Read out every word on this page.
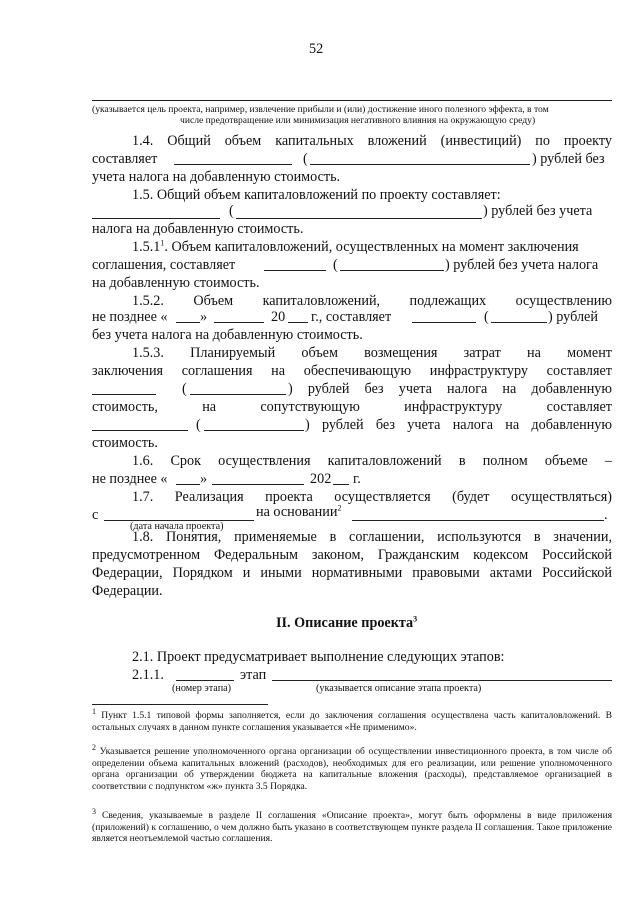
52
(указывается цель проекта, например, извлечение прибыли и (или) достижение иного полезного эффекта, в том
числе предотвращение или минимизация негативного влияния на окружающую среду)
1.4. Общий объем капитальных вложений (инвестиций) по проекту
составляет	(	) рублей без
учета налога на добавленную стоимость.
1.5. Общий объем капиталовложений по проекту составляет:
(	) рублей без учета
налога на добавленную стоимость.
1.5.1$^1$. Объем капиталовложений, осуществленных на момент заключения
соглашения, составляет	(	) рублей без учета налога
на добавленную стоимость.
1.5.2. Объем капиталовложений, подлежащих осуществлению
не позднее « »	20 г., составляет	(	) рублей
без учета налога на добавленную стоимость.
1.5.3. Планируемый объем возмещения затрат на момент
заключения соглашения на обеспечивающую инфраструктуру составляет
(	) рублей без учета налога на добавленную
стоимость, на сопутствующую инфраструктуру составляет
(	) рублей без учета налога на добавленную
стоимость.
1.6. Срок осуществления капиталовложений в полном объеме –
не позднее « »	202 г.
1.7. Реализация проекта осуществляется (будет осуществляться)
с	на основании$^2$	.
(дата начала проекта)
1.8. Понятия, применяемые в соглашении, используются в значении,
предусмотренном Федеральным законом, Гражданским кодексом Российской
Федерации, Порядком и иными нормативными правовыми актами Российской
Федерации.
II. Описание проекта$^3$
2.1. Проект предусматривает выполнение следующих этапов:
2.1.1.	этап
(номер этапа)	(указывается описание этапа проекта)
$^1$ Пункт 1.5.1 типовой формы заполняется, если до заключения соглашения осуществлена часть капиталовложений. В остальных случаях в данном пункте соглашения указывается «Не применимо».
$^2$ Указывается решение уполномоченного органа организации об осуществлении инвестиционного проекта, в том числе об определении объема капитальных вложений (расходов), необходимых для его реализации, или решение уполномоченного органа организации об утверждении бюджета на капитальные вложения (расходы), представляемое организацией в соответствии с подпунктом «ж» пункта 3.5 Порядка.
$^3$ Сведения, указываемые в разделе II соглашения «Описание проекта», могут быть оформлены в виде приложения (приложений) к соглашению, о чем должно быть указано в соответствующем пункте раздела II соглашения. Такое приложение является неотъемлемой частью соглашения.
